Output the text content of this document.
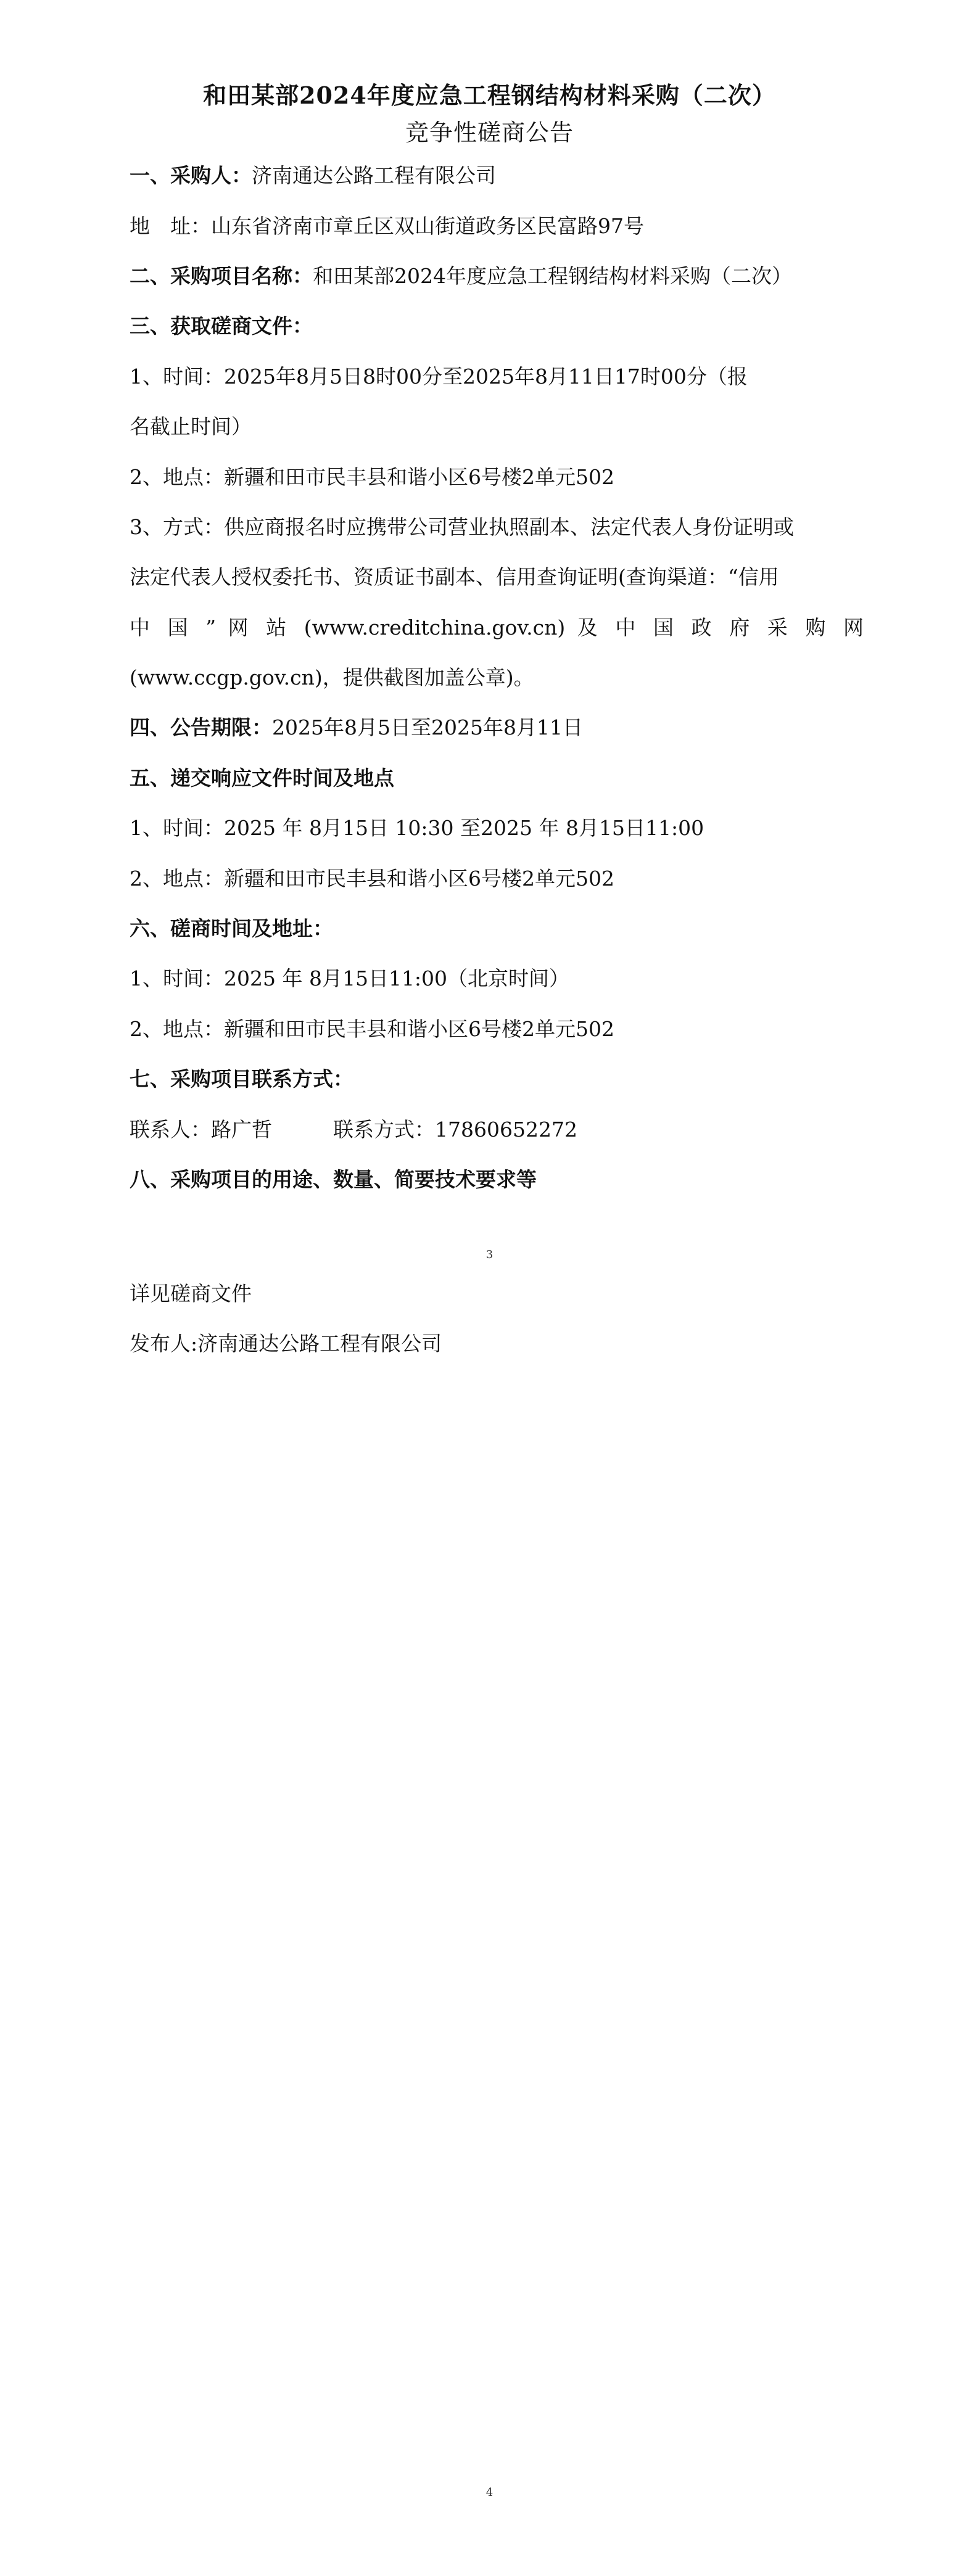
和田某部2024年度应急工程钢结构材料采购（二次）
竞争性磋商公告
一、采购人：济南通达公路工程有限公司
地　址：山东省济南市章丘区双山街道政务区民富路97号
二、采购项目名称：和田某部2024年度应急工程钢结构材料采购（二次）
三、获取磋商文件：
1、时间：2025年8月5日8时00分至2025年8月11日17时00分（报
名截止时间）
2、地点：新疆和田市民丰县和谐小区6号楼2单元502
3、方式：供应商报名时应携带公司营业执照副本、法定代表人身份证明或
法定代表人授权委托书、资质证书副本、信用查询证明(查询渠道：“信用
中 国 ” 网 站 (www.creditchina.gov.cn) 及 中 国 政 府 采 购 网
(www.ccgp.gov.cn)，提供截图加盖公章)。
四、公告期限：2025年8月5日至2025年8月11日
五、递交响应文件时间及地点
1、时间：2025 年 8月15日 10:30 至2025 年 8月15日11:00
2、地点：新疆和田市民丰县和谐小区6号楼2单元502
六、磋商时间及地址：
1、时间：2025 年 8月15日11:00（北京时间）
2、地点：新疆和田市民丰县和谐小区6号楼2单元502
七、采购项目联系方式：
联系人：路广哲　　　联系方式：17860652272
八、采购项目的用途、数量、简要技术要求等
3
详见磋商文件
发布人:济南通达公路工程有限公司
4
